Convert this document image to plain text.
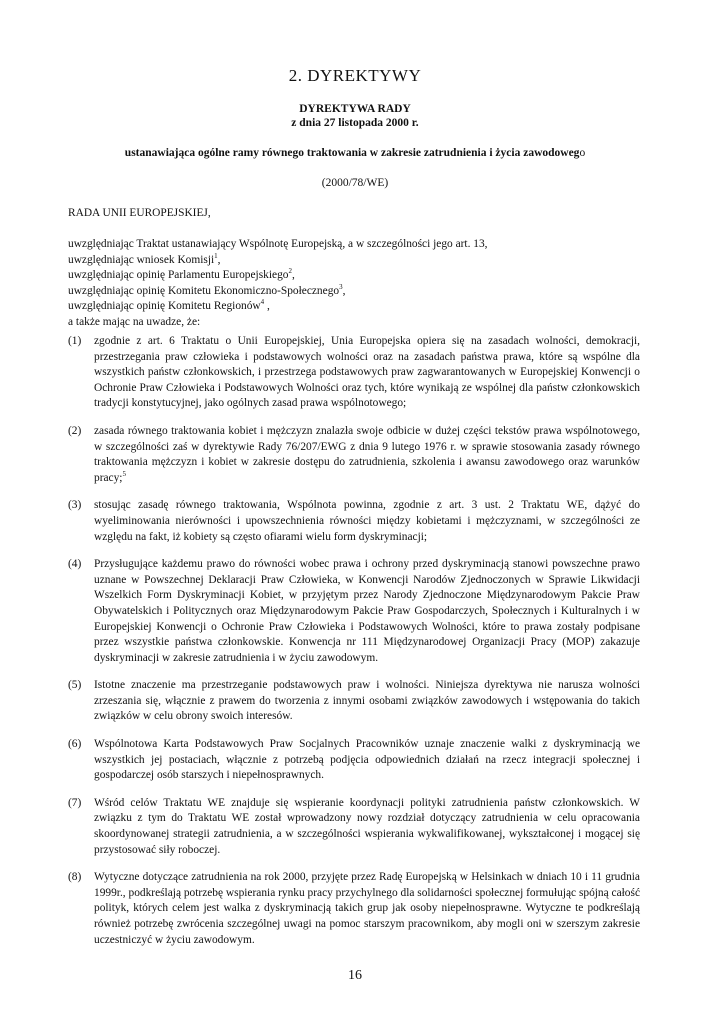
2. DYREKTYWY
DYREKTYWA RADY
z dnia 27 listopada 2000 r.
ustanawiająca ogólne ramy równego traktowania w zakresie zatrudnienia i życia zawodowego
(2000/78/WE)
RADA UNII EUROPEJSKIEJ,
uwzględniając Traktat ustanawiający Wspólnotę Europejską, a w szczególności jego art. 13,
uwzględniając wniosek Komisji$^1$,
uwzględniając opinię Parlamentu Europejskiego$^2$,
uwzględniając opinię Komitetu Ekonomiczno-Społecznego$^3$,
uwzględniając opinię Komitetu Regionów$^4$ ,
a także mając na uwadze, że:
(1)	zgodnie z art. 6 Traktatu o Unii Europejskiej, Unia Europejska opiera się na zasadach wolności, demokracji, przestrzegania praw człowieka i podstawowych wolności oraz na zasadach państwa prawa, które są wspólne dla wszystkich państw członkowskich, i przestrzega podstawowych praw zagwarantowanych w Europejskiej Konwencji o Ochronie Praw Człowieka i Podstawowych Wolności oraz tych, które wynikają ze wspólnej dla państw członkowskich tradycji konstytucyjnej, jako ogólnych zasad prawa wspólnotowego;
(2)	zasada równego traktowania kobiet i mężczyzn znalazła swoje odbicie w dużej części tekstów prawa wspólnotowego, w szczególności zaś w dyrektywie Rady 76/207/EWG z dnia 9 lutego 1976 r. w sprawie stosowania zasady równego traktowania mężczyzn i kobiet w zakresie dostępu do zatrudnienia, szkolenia i awansu zawodowego oraz warunków pracy;$^5$
(3)	stosując zasadę równego traktowania, Wspólnota powinna, zgodnie z art. 3 ust. 2 Traktatu WE, dążyć do wyeliminowania nierówności i upowszechnienia równości między kobietami i mężczyznami, w szczególności ze względu na fakt, iż kobiety są często ofiarami wielu form dyskryminacji;
(4)	Przysługujące każdemu prawo do równości wobec prawa i ochrony przed dyskryminacją stanowi powszechne prawo uznane w Powszechnej Deklaracji Praw Człowieka, w Konwencji Narodów Zjednoczonych w Sprawie Likwidacji Wszelkich Form Dyskryminacji Kobiet, w przyjętym przez Narody Zjednoczone Międzynarodowym Pakcie Praw Obywatelskich i Politycznych oraz Międzynarodowym Pakcie Praw Gospodarczych, Społecznych i Kulturalnych i w Europejskiej Konwencji o Ochronie Praw Człowieka i Podstawowych Wolności, które to prawa zostały podpisane przez wszystkie państwa członkowskie. Konwencja nr 111 Międzynarodowej Organizacji Pracy (MOP) zakazuje dyskryminacji w zakresie zatrudnienia i w życiu zawodowym.
(5)	Istotne znaczenie ma przestrzeganie podstawowych praw i wolności. Niniejsza dyrektywa nie narusza wolności zrzeszania się, włącznie z prawem do tworzenia z innymi osobami związków zawodowych i wstępowania do takich związków w celu obrony swoich interesów.
(6)	Wspólnotowa Karta Podstawowych Praw Socjalnych Pracowników uznaje znaczenie walki z dyskryminacją we wszystkich jej postaciach, włącznie z potrzebą podjęcia odpowiednich działań na rzecz integracji społecznej i gospodarczej osób starszych i niepełnosprawnych.
(7)	Wśród celów Traktatu WE znajduje się wspieranie koordynacji polityki zatrudnienia państw członkowskich. W związku z tym do Traktatu WE został wprowadzony nowy rozdział dotyczący zatrudnienia w celu opracowania skoordynowanej strategii zatrudnienia, a w szczególności wspierania wykwalifikowanej, wykształconej i mogącej się przystosować siły roboczej.
(8)	Wytyczne dotyczące zatrudnienia na rok 2000, przyjęte przez Radę Europejską w Helsinkach w dniach 10 i 11 grudnia 1999r., podkreślają potrzebę wspierania rynku pracy przychylnego dla solidarności społecznej formułując spójną całość polityk, których celem jest walka z dyskryminacją takich grup jak osoby niepełnosprawne. Wytyczne te podkreślają również potrzebę zwrócenia szczególnej uwagi na pomoc starszym pracownikom, aby mogli oni w szerszym zakresie uczestniczyć w życiu zawodowym.
16
